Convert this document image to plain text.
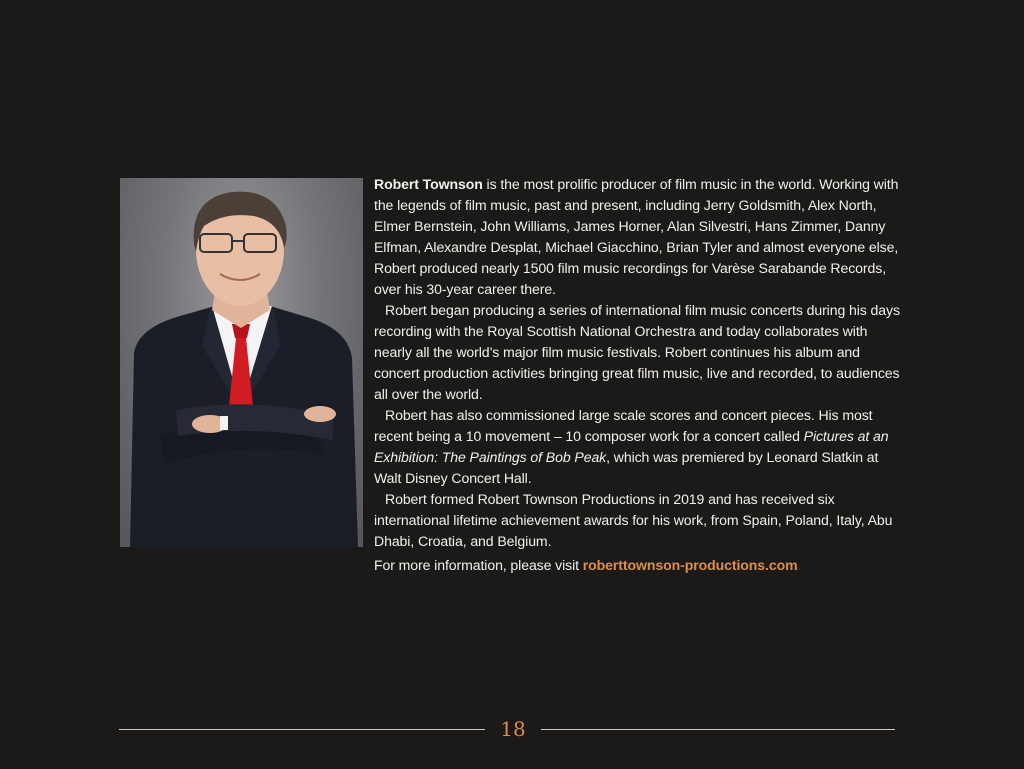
Robert Townson is the most prolific producer of film music in the world. Working with the legends of film music, past and present, including Jerry Goldsmith, Alex North, Elmer Bernstein, John Williams, James Horner, Alan Silvestri, Hans Zimmer, Danny Elfman, Alexandre Desplat, Michael Giacchino, Brian Tyler and almost everyone else, Robert produced nearly 1500 film music recordings for Varèse Sarabande Records, over his 30-year career there.

Robert began producing a series of international film music concerts during his days recording with the Royal Scottish National Orchestra and today collaborates with nearly all the world’s major film music festivals. Robert continues his album and concert production activities bringing great film music, live and recorded, to audiences all over the world.

Robert has also commissioned large scale scores and concert pieces. His most recent being a 10 movement – 10 composer work for a concert called Pictures at an Exhibition: The Paintings of Bob Peak, which was premiered by Leonard Slatkin at Walt Disney Concert Hall.

Robert formed Robert Townson Productions in 2019 and has received six international lifetime achievement awards for his work, from Spain, Poland, Italy, Abu Dhabi, Croatia, and Belgium.

For more information, please visit roberttownson-productions.com

18
